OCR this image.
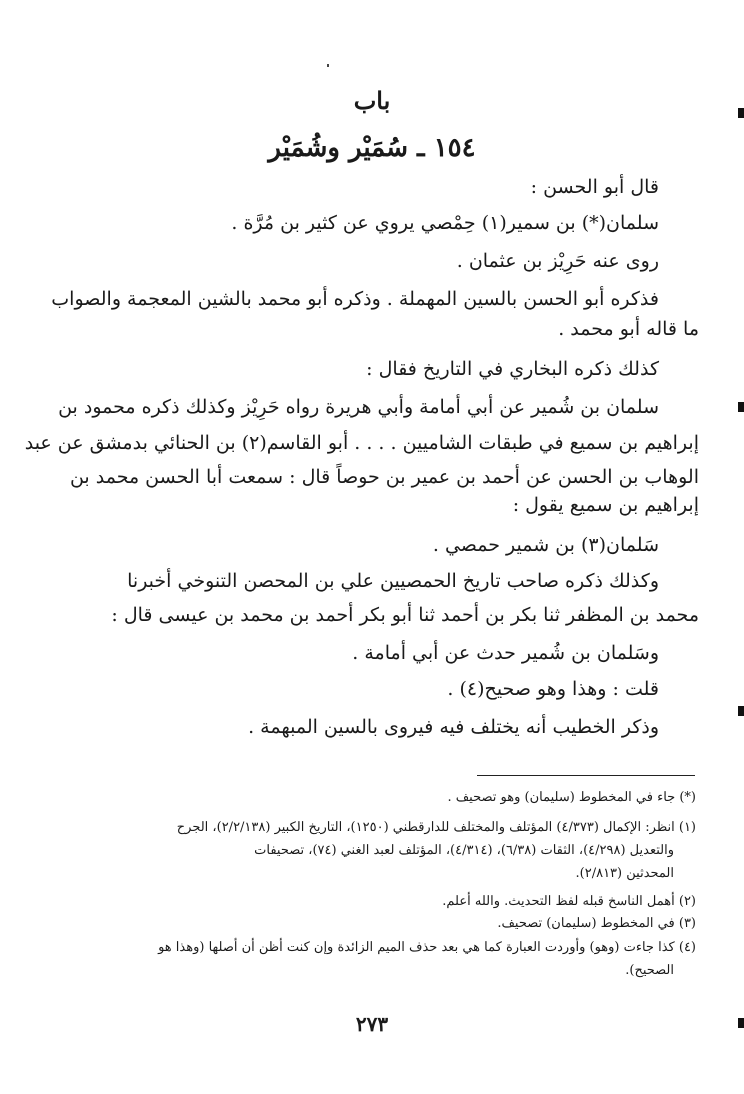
باب
١٥٤ ـ سُمَيْر وشُمَيْر
قال أبو الحسن :
سلمان(*) بن سمير(١) حِمْصي يروي عن كثير بن مُرَّة .
روى عنه حَرِيْز بن عثمان .
فذكره أبو الحسن بالسين المهملة . وذكره أبو محمد بالشين المعجمة والصواب
ما قاله أبو محمد .
كذلك ذكره البخاري في التاريخ فقال :
سلمان بن شُمير عن أبي أمامة وأبي هريرة رواه حَرِيْز وكذلك ذكره محمود بن
إبراهيم بن سميع في طبقات الشاميين . . . . أبو القاسم(٢) بن الحنائي بدمشق عن عبد
الوهاب بن الحسن عن أحمد بن عمير بن حوصاً قال : سمعت أبا الحسن محمد بن
إبراهيم بن سميع يقول :
سَلمان(٣) بن شمير حمصي .
وكذلك ذكره صاحب تاريخ الحمصيين علي بن المحصن التنوخي أخبرنا
محمد بن المظفر ثنا بكر بن أحمد ثنا أبو بكر أحمد بن محمد بن عيسى قال :
وسَلمان بن شُمير حدث عن أبي أمامة .
قلت : وهذا وهو صحيح(٤) .
وذكر الخطيب أنه يختلف فيه فيروى بالسين المبهمة .
(*) جاء في المخطوط (سليمان) وهو تصحيف .
(١) انظر: الإكمال (٤/٣٧٣) المؤتلف والمختلف للدارقطني (١٢٥٠)، التاريخ الكبير (٢/٢/١٣٨)، الجرح
والتعديل (٤/٢٩٨)، الثقات (٦/٣٨)، (٤/٣١٤)، المؤتلف لعبد الغني (٧٤)، تصحيفات
المحدثين (٢/٨١٣).
(٢) أهمل الناسخ قبله لفظ التحديث. والله أعلم.
(٣) في المخطوط (سليمان) تصحيف.
(٤) كذا جاءت (وهو) وأوردت العبارة كما هي بعد حذف الميم الزائدة وإن كنت أظن أن أصلها (وهذا هو
الصحيح).
٢٧٣
